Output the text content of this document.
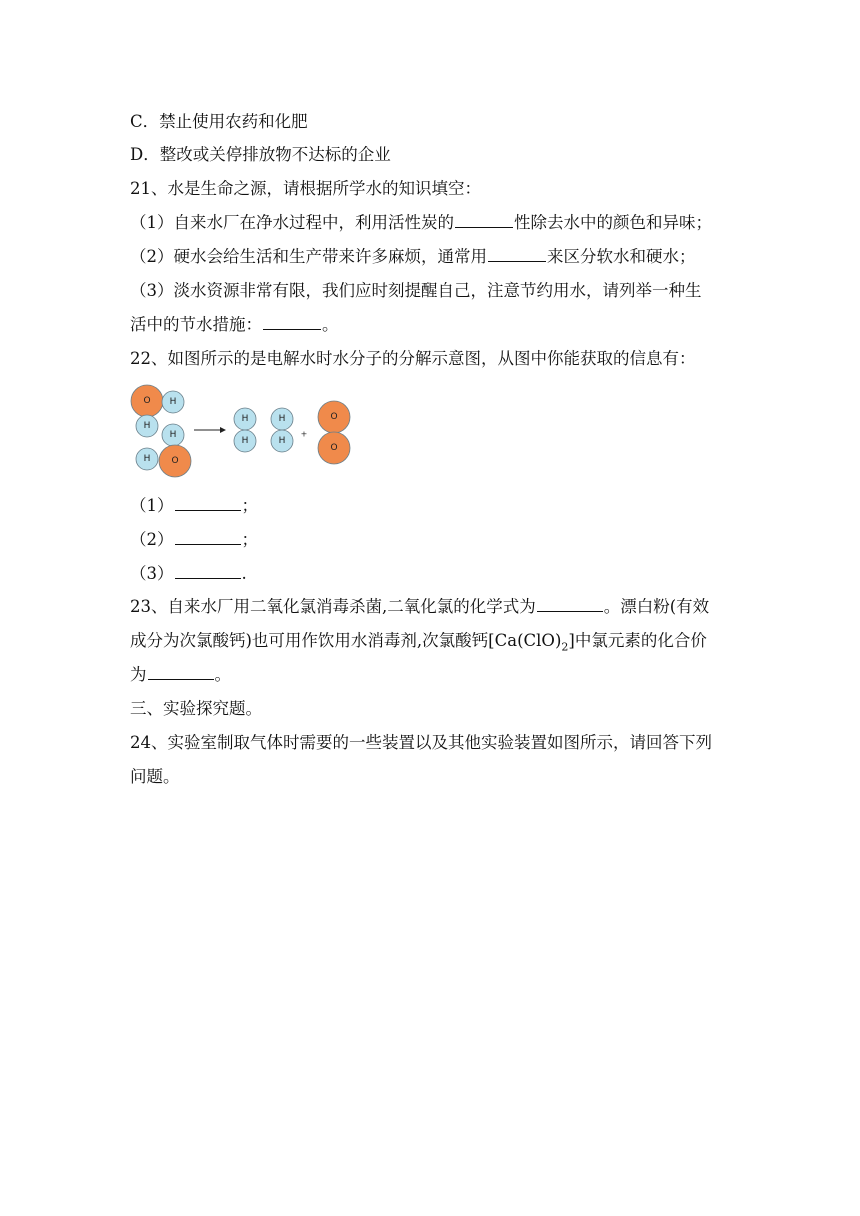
C．禁止使用农药和化肥
D．整改或关停排放物不达标的企业
21、水是生命之源，请根据所学水的知识填空：
（1）自来水厂在净水过程中，利用活性炭的	性除去水中的颜色和异味；
（2）硬水会给生活和生产带来许多麻烦，通常用	来区分软水和硬水；
（3）淡水资源非常有限，我们应时刻提醒自己，注意节约用水，请列举一种生
活中的节水措施：	。
22、如图所示的是电解水时水分子的分解示意图，从图中你能获取的信息有：
O H
H
H
H O
H
H
H
H
+
O
O
（1）	；
（2）	；
（3）	.
23、自来水厂用二氧化氯消毒杀菌,二氧化氯的化学式为	。漂白粉(有效
成分为次氯酸钙)也可用作饮用水消毒剂,次氯酸钙$[Ca(ClO)_2]$中氯元素的化合价
为	。
三、实验探究题。
24、实验室制取气体时需要的一些装置以及其他实验装置如图所示，请回答下列
问题。
